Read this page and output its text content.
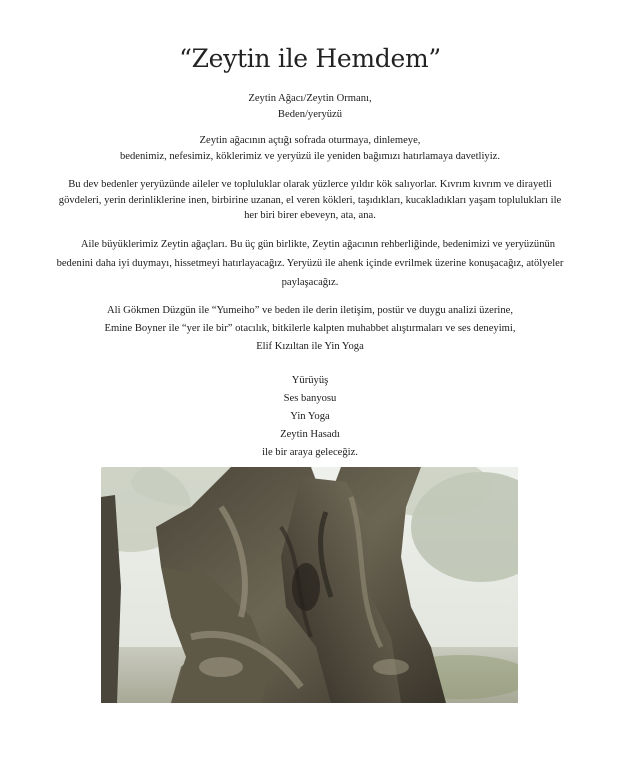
“Zeytin ile Hemdem”

Zeytin Ağacı/Zeytin Ormanı,

Beden/yeryüzü

Zeytin ağacının açtığı sofrada oturmaya, dinlemeye,

bedenimiz, nefesimiz, köklerimiz ve yeryüzü ile yeniden bağımızı hatırlamaya davetliyiz.

Bu dev bedenler yeryüzünde aileler ve topluluklar olarak yüzlerce yıldır kök salıyorlar. Kıvrım kıvrım ve dirayetli

gövdeleri, yerin derinliklerine inen, birbirine uzanan, el veren kökleri, taşıdıkları, kucakladıkları yaşam toplulukları ile

her biri birer ebeveyn, ata, ana.

Aile büyüklerimiz Zeytin ağaçları. Bu üç gün birlikte, Zeytin ağacının rehberliğinde, bedenimizi ve yeryüzünün

bedenini daha iyi duymayı, hissetmeyi hatırlayacağız. Yeryüzü ile ahenk içinde evrilmek üzerine konuşacağız, atölyeler

paylaşacağız.

Ali Gökmen Düzgün ile “Yumeiho” ve beden ile derin iletişim, postür ve duygu analizi üzerine,

Emine Boyner ile “yer ile bir” otacılık, bitkilerle kalpten muhabbet alıştırmaları ve ses deneyimi,

Elif Kızıltan ile Yin Yoga

Yürüyüş

Ses banyosu

Yin Yoga

Zeytin Hasadı

ile bir araya geleceğiz.
